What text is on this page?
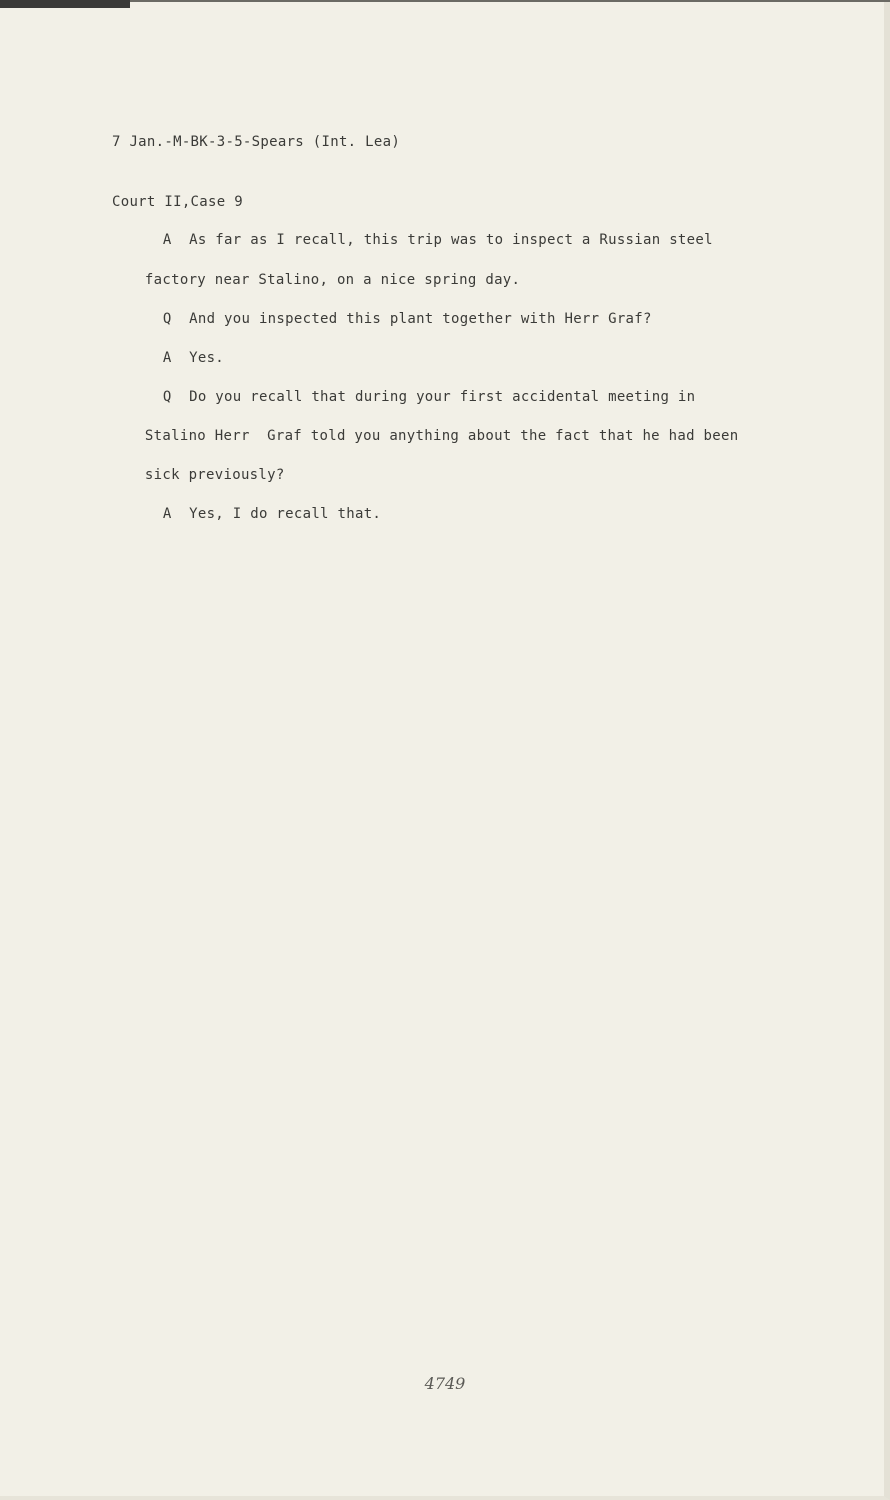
7 Jan.-M-BK-3-5-Spears (Int. Lea)

Court II,Case 9

A As far as I recall, this trip was to inspect a Russian steel

factory near Stalino, on a nice spring day.

Q And you inspected this plant together with Herr Graf?

A Yes.

Q Do you recall that during your first accidental meeting in

Stalino Herr  Graf told you anything about the fact that he had been

sick previously?

A Yes, I do recall that.

4749
